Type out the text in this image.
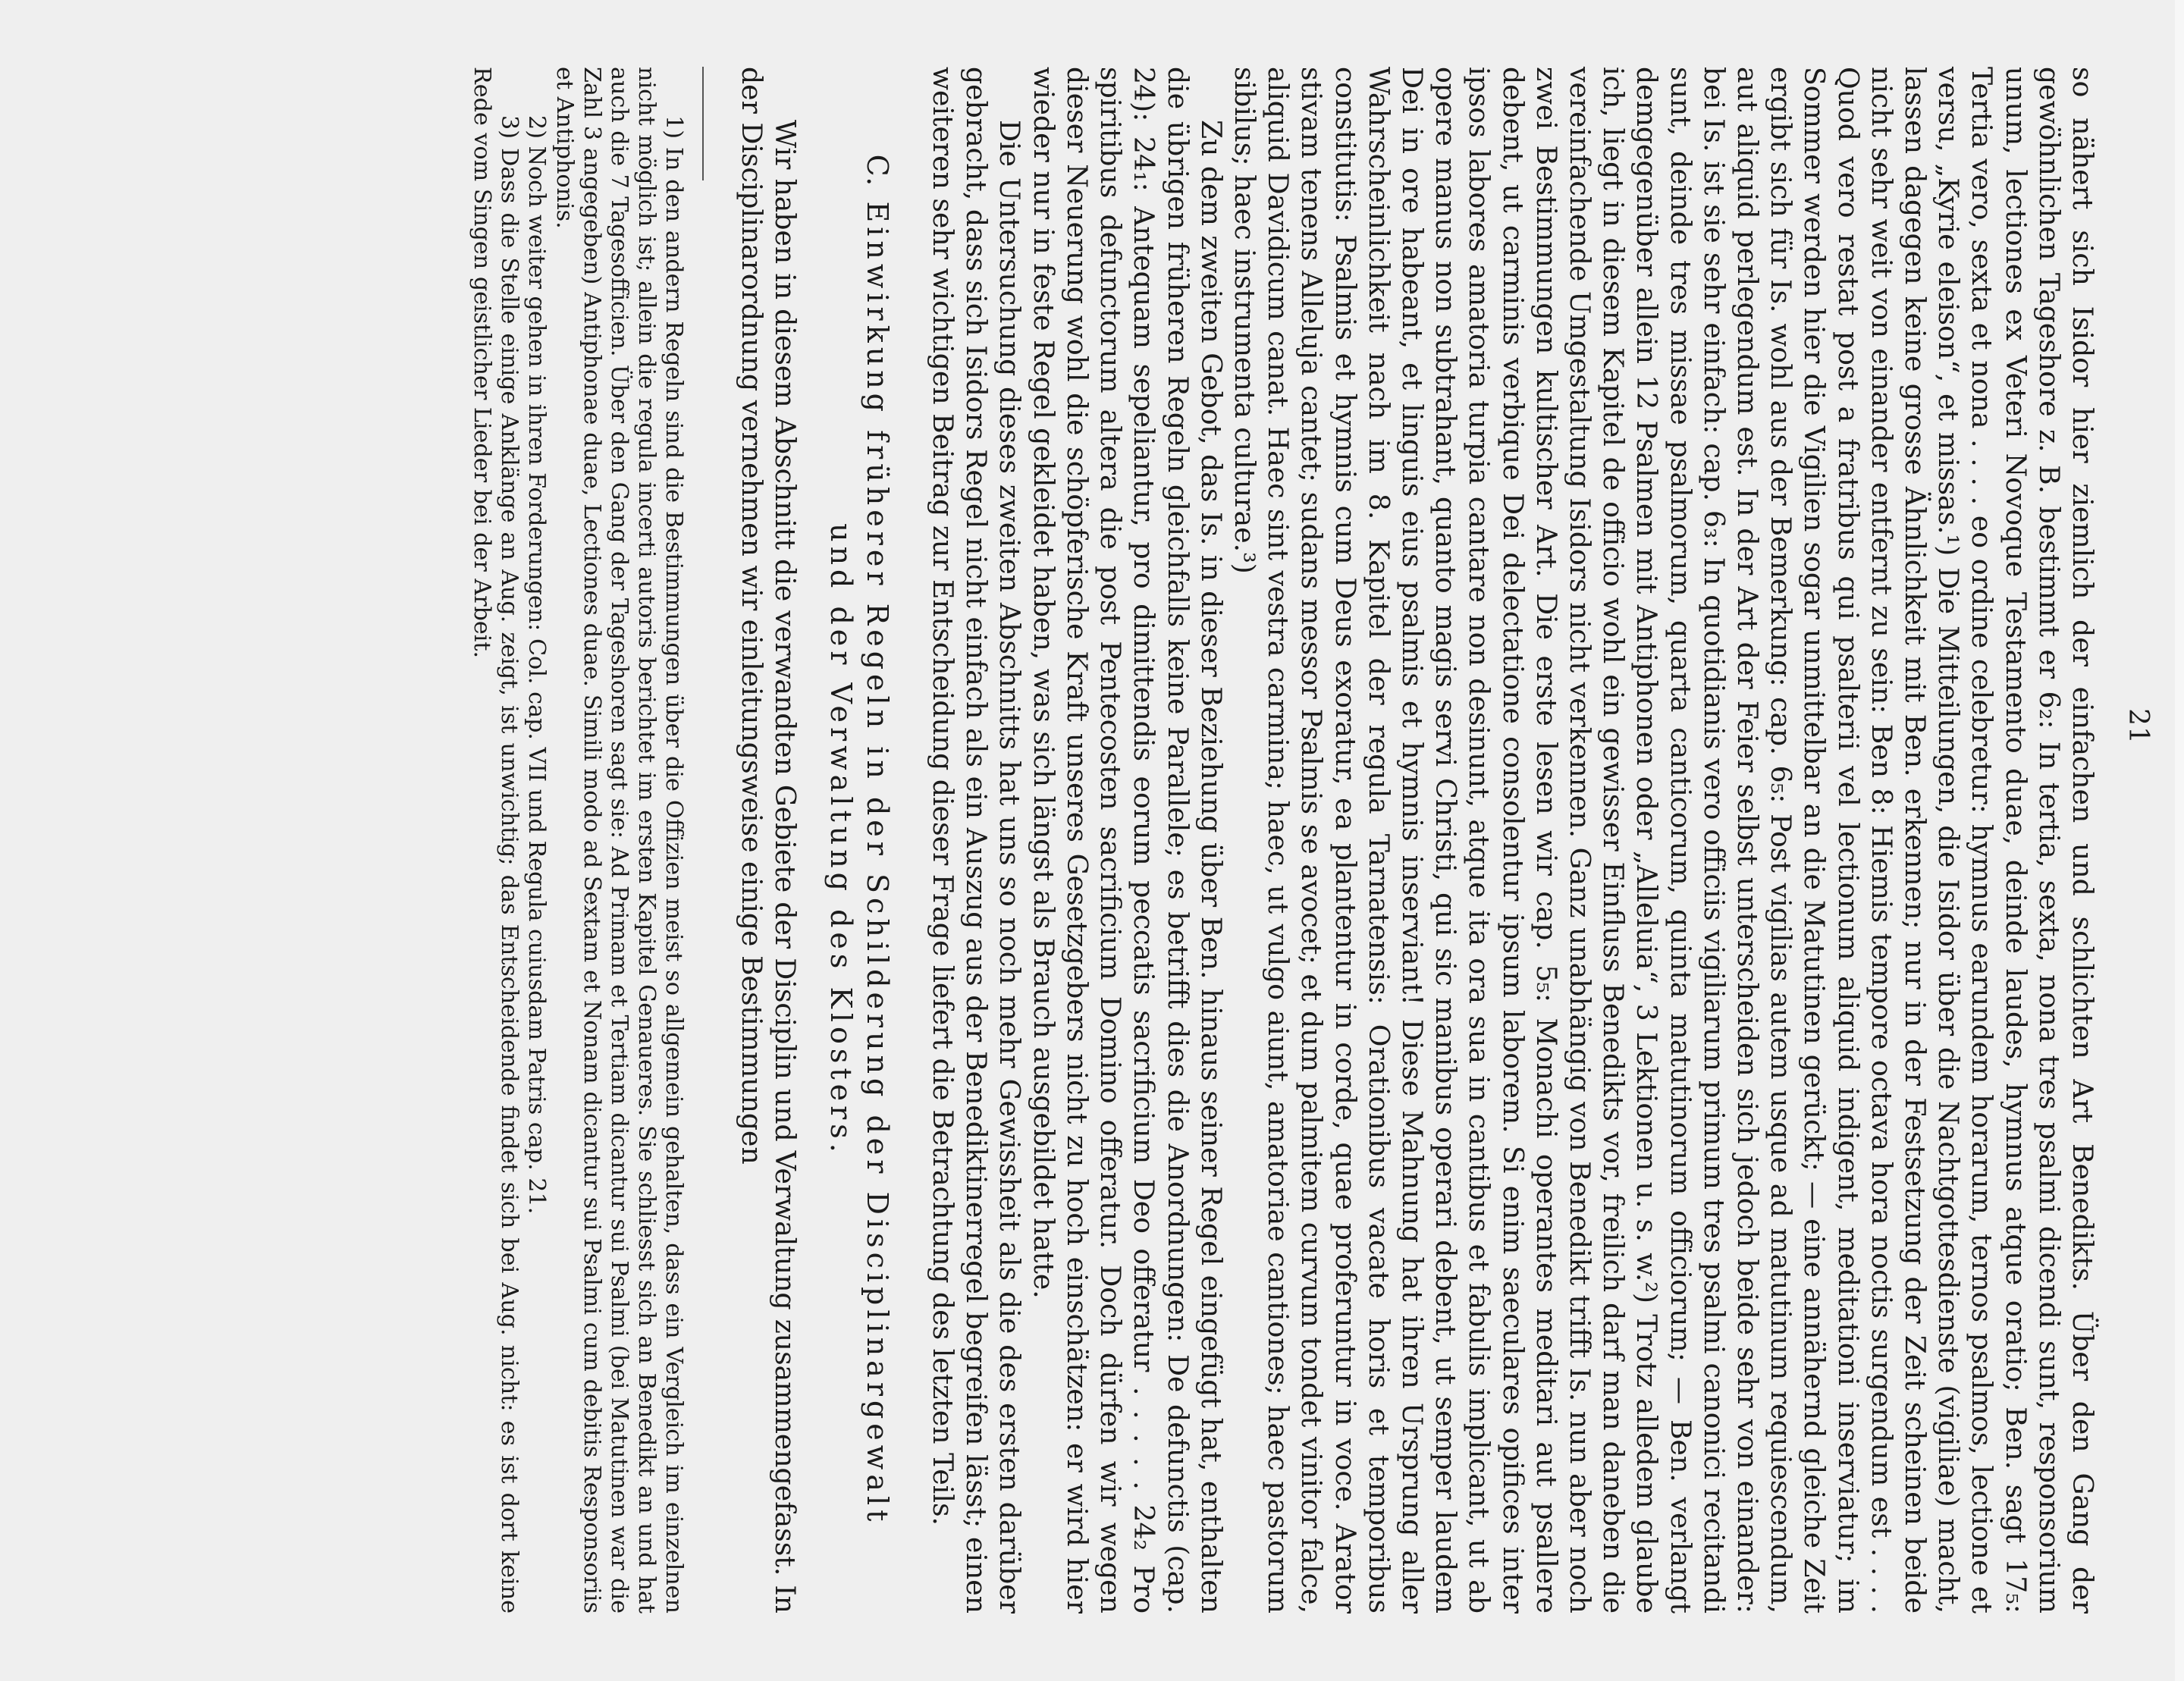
21

so nähert sich Isidor hier ziemlich der einfachen und schlichten Art Benedikts. Über den Gang der gewöhnlichen Tageshore z. B. bestimmt er 6₂: In tertia, sexta, nona tres psalmi dicendi sunt, responsorium unum, lectiones ex Veteri Novoque Testamento duae, deinde laudes, hymnus atque oratio; Ben. sagt 17₅: Tertia vero, sexta et nona . . . . eo ordine celebretur: hymnus earundem horarum, ternos psalmos, lectione et versu, „Kyrie eleison“, et missas.¹) Die Mitteilungen, die Isidor über die Nachtgottesdienste (vigiliae) macht, lassen dagegen keine grosse Ähnlichkeit mit Ben. erkennen; nur in der Festsetzung der Zeit scheinen beide nicht sehr weit von einander entfernt zu sein: Ben 8: Hiemis tempore octava hora noctis surgendum est . . . . Quod vero restat post a fratribus qui psalterii vel lectionum aliquid indigent, meditationi inserviatur; im Sommer werden hier die Vigilien sogar unmittelbar an die Matutinen gerückt; — eine annähernd gleiche Zeit ergibt sich für Is. wohl aus der Bemerkung: cap. 6₅: Post vigilias autem usque ad matutinum requiescendum, aut aliquid perlegendum est. In der Art der Feier selbst unterscheiden sich jedoch beide sehr von einander: bei Is. ist sie sehr einfach: cap. 6₃: In quotidianis vero officiis vigiliarum primum tres psalmi canonici recitandi sunt, deinde tres missae psalmorum, quarta canticorum, quinta matutinorum officiorum; — Ben. verlangt demgegenüber allein 12 Psalmen mit Antiphonen oder „Alleluia“, 3 Lektionen u. s. w.²) Trotz alledem glaube ich, liegt in diesem Kapitel de officio wohl ein gewisser Einfluss Benedikts vor, freilich darf man daneben die vereinfachende Umgestaltung Isidors nicht verkennen. Ganz unabhängig von Benedikt trifft Is. nun aber noch zwei Bestimmungen kultischer Art. Die erste lesen wir cap. 5₅: Monachi operantes meditari aut psallere debent, ut carminis verbique Dei delectatione consolentur ipsum laborem. Si enim saeculares opifices inter ipsos labores amatoria turpia cantare non desinunt, atque ita ora sua in cantibus et fabulis implicant, ut ab opere manus non subtrahant, quanto magis servi Christi, qui sic manibus operari debent, ut semper laudem Dei in ore habeant, et linguis eius psalmis et hymnis inserviant! Diese Mahnung hat ihren Ursprung aller Wahrscheinlichkeit nach im 8. Kapitel der regula Tarnatensis: Orationibus vacate horis et temporibus constitutis: Psalmis et hymnis cum Deus exoratur, ea plantentur in corde, quae proferuntur in voce. Arator stivam tenens Alleluja cantet; sudans messor Psalmis se avocet; et dum palmitem curvum tondet vinitor falce, aliquid Davidicum canat. Haec sint vestra carmina; haec, ut vulgo aiunt, amatoriae cantiones; haec pastorum sibilus; haec instrumenta culturae.³)

Zu dem zweiten Gebot, das Is. in dieser Beziehung über Ben. hinaus seiner Regel eingefügt hat, enthalten die übrigen früheren Regeln gleichfalls keine Parallele; es betrifft dies die Anordnungen: De defunctis (cap. 24): 24₁: Antequam sepeliantur, pro dimittendis eorum peccatis sacrificium Deo offeratur . . . . . 24₂ Pro spiritibus defunctorum altera die post Pentecosten sacrificium Domino offeratur. Doch dürfen wir wegen dieser Neuerung wohl die schöpferische Kraft unseres Gesetzgebers nicht zu hoch einschätzen: er wird hier wieder nur in feste Regel gekleidet haben, was sich längst als Brauch ausgebildet hatte.

Die Untersuchung dieses zweiten Abschnitts hat uns so noch mehr Gewissheit als die des ersten darüber gebracht, dass sich Isidors Regel nicht einfach als ein Auszug aus der Benediktinerregel begreifen lässt; einen weiteren sehr wichtigen Beitrag zur Entscheidung dieser Frage liefert die Betrachtung des letzten Teils.

C. Einwirkung früherer Regeln in der Schilderung der Disciplinargewalt
und der Verwaltung des Klosters.

Wir haben in diesem Abschnitt die verwandten Gebiete der Disciplin und Verwaltung zusammengefasst. In der Disciplinarordnung vernehmen wir einleitungsweise einige Bestimmungen

1) In den andern Regeln sind die Bestimmungen über die Offizien meist so allgemein gehalten, dass ein Vergleich im einzelnen nicht möglich ist; allein die regula incerti autoris berichtet im ersten Kapitel Genaueres. Sie schliesst sich an Benedikt an und hat auch die 7 Tagesofficien. Über den Gang der Tageshoren sagt sie: Ad Primam et Tertiam dicantur sui Psalmi (bei Matutinen war die Zahl 3 angegeben) Antiphonae duae, Lectiones duae. Simili modo ad Sextam et Nonam dicantur sui Psalmi cum debitis Responsoriis et Antiphonis.

2) Noch weiter gehen in ihren Forderungen: Col. cap. VII und Regula cuiusdam Patris cap. 21.

3) Dass die Stelle einige Anklänge an Aug. zeigt, ist unwichtig; das Entscheidende findet sich bei Aug. nicht: es ist dort keine Rede vom Singen geistlicher Lieder bei der Arbeit.
